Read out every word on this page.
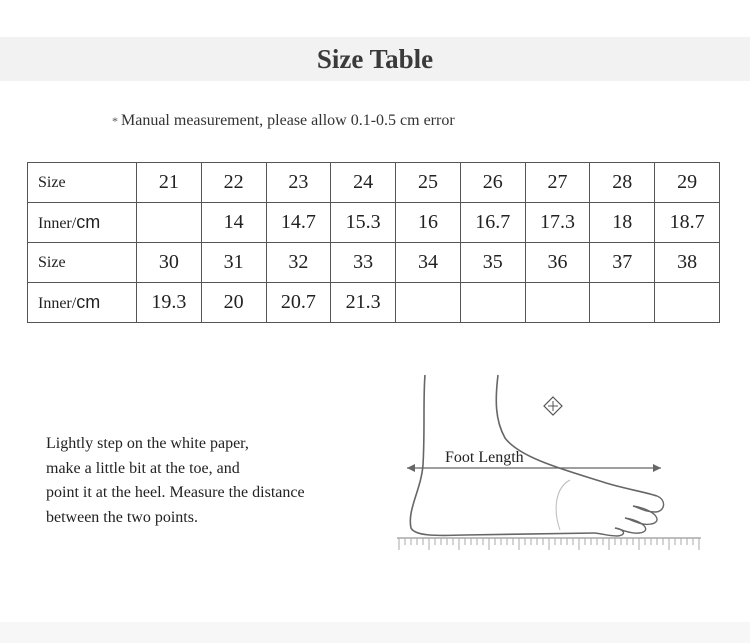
Size Table
* Manual measurement, please allow 0.1-0.5 cm error
Size	21	22	23	24	25	26	27	28	29
Inner/cm		14	14.7	15.3	16	16.7	17.3	18	18.7
Size	30	31	32	33	34	35	36	37	38
Inner/cm	19.3	20	20.7	21.3					
Lightly step on the white paper,
make a little bit at the toe, and
point it at the heel. Measure the distance
between the two points.
Foot Length
